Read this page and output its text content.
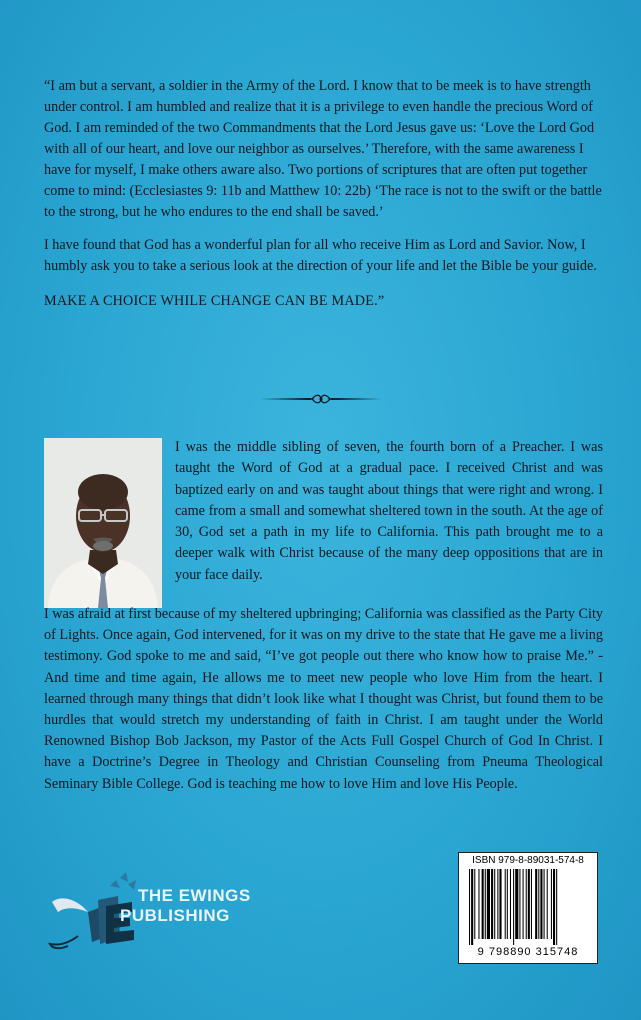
“I am but a servant, a soldier in the Army of the Lord. I know that to be meek is to have strength under control. I am humbled and realize that it is a privilege to even handle the precious Word of God. I am reminded of the two Commandments that the Lord Jesus gave us: ‘Love the Lord God with all of our heart, and love our neighbor as ourselves.’ Therefore, with the same awareness I have for myself, I make others aware also. Two portions of scriptures that are often put together come to mind: (Ecclesiastes 9: 11b and Matthew 10: 22b) ‘The race is not to the swift or the battle to the strong, but he who endures to the end shall be saved.’

I have found that God has a wonderful plan for all who receive Him as Lord and Savior. Now, I humbly ask you to take a serious look at the direction of your life and let the Bible be your guide.

MAKE A CHOICE WHILE CHANGE CAN BE MADE.”

I was the middle sibling of seven, the fourth born of a Preacher. I was taught the Word of God at a gradual pace. I received Christ and was baptized early on and was taught about things that were right and wrong. I came from a small and somewhat sheltered town in the south. At the age of 30, God set a path in my life to California. This path brought me to a deeper walk with Christ because of the many deep oppositions that are in your face daily.

I was afraid at first because of my sheltered upbringing; California was classified as the Party City of Lights. Once again, God intervened, for it was on my drive to the state that He gave me a living testimony. God spoke to me and said, “I’ve got people out there who know how to praise Me.” - And time and time again, He allows me to meet new people who love Him from the heart. I learned through many things that didn’t look like what I thought was Christ, but found them to be hurdles that would stretch my understanding of faith in Christ. I am taught under the World Renowned Bishop Bob Jackson, my Pastor of the Acts Full Gospel Church of God In Christ. I have a Doctrine’s Degree in Theology and Christian Counseling from Pneuma Theological Seminary Bible College. God is teaching me how to love Him and love His People.

THE EWINGS
PUBLISHING
ISBN 979-8-89031-574-8
9 798890 315748
